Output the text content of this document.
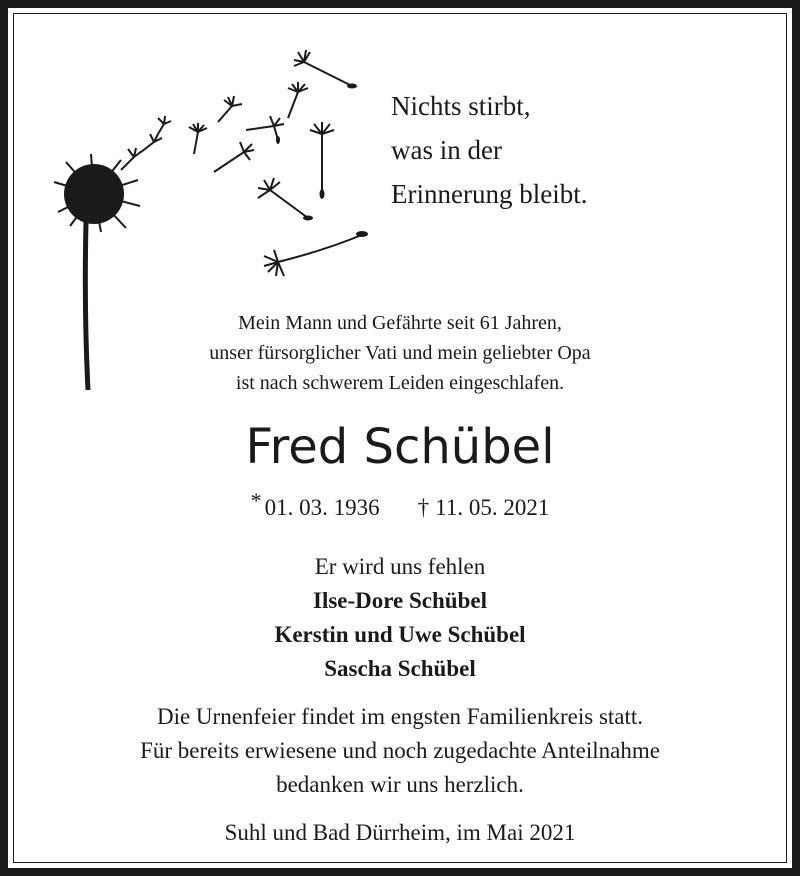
Nichts stirbt,
was in der
Erinnerung bleibt.
Mein Mann und Gefährte seit 61 Jahren,
unser fürsorglicher Vati und mein geliebter Opa
ist nach schwerem Leiden eingeschlafen.
Fred Schübel
* 01. 03. 1936 † 11. 05. 2021
Er wird uns fehlen
Ilse-Dore Schübel
Kerstin und Uwe Schübel
Sascha Schübel
Die Urnenfeier findet im engsten Familienkreis statt.
Für bereits erwiesene und noch zugedachte Anteilnahme
bedanken wir uns herzlich.
Suhl und Bad Dürrheim, im Mai 2021
